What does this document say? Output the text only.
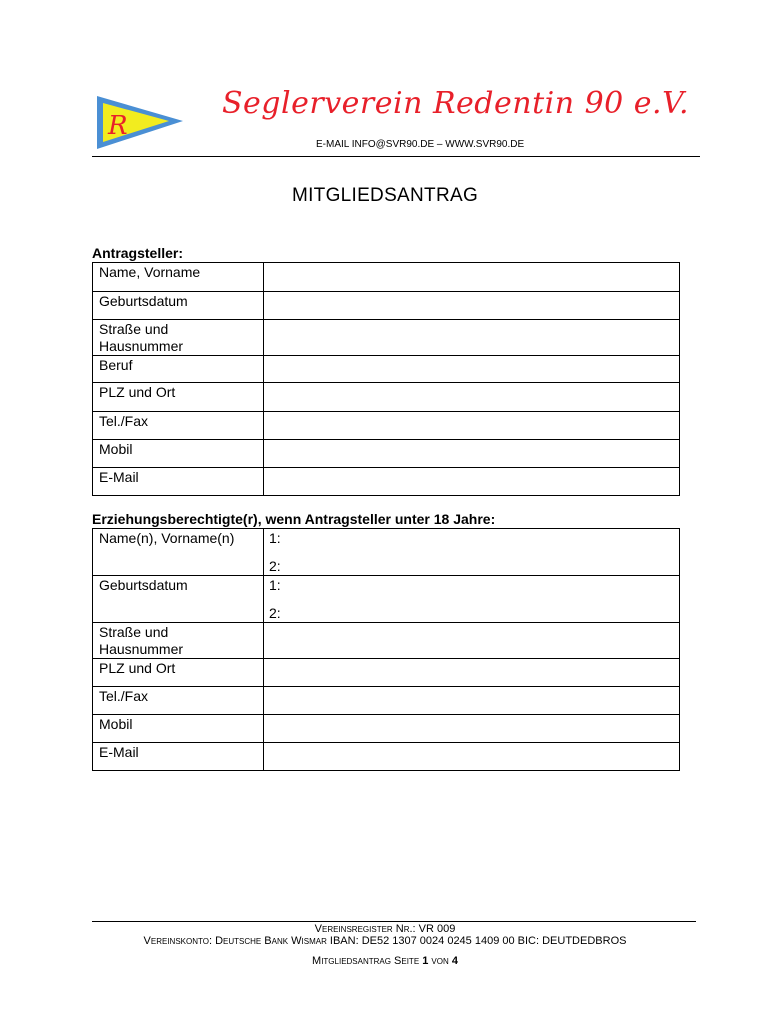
R
Seglerverein Redentin 90 e.V.
E-MAIL INFO@SVR90.DE – WWW.SVR90.DE
MITGLIEDSANTRAG
Antragsteller:
Name, Vorname	
Geburtsdatum	

Straße und
Hausnummer	

Beruf	
PLZ und Ort	
Tel./Fax	
Mobil	
E-Mail	
Erziehungsberechtigte(r), wenn Antragsteller unter 18 Jahre:
Name(n), Vorname(n)	1:
2:

Geburtsdatum	1:
2:

Straße und
Hausnummer	

PLZ und Ort	
Tel./Fax	
Mobil	
E-Mail	
Vereinsregister Nr.: VR 009
Vereinskonto: Deutsche Bank Wismar IBAN: DE52 1307 0024 0245 1409 00 BIC: DEUTDEDBROS
Mitgliedsantrag Seite 1 von 4
